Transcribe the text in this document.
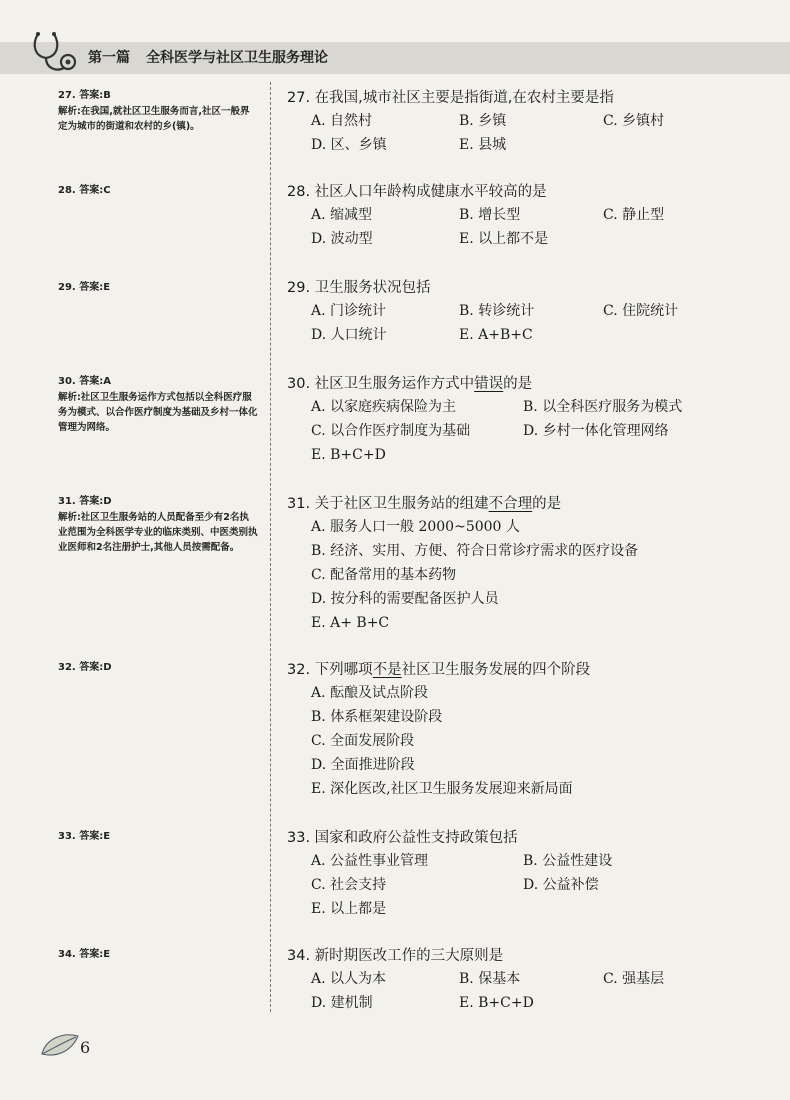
第一篇 全科医学与社区卫生服务理论
27. 答案:B
解析:在我国,就社区卫生服务而言,社区一般界定为城市的街道和农村的乡(镇)。
28. 答案:C
29. 答案:E
30. 答案:A
解析:社区卫生服务运作方式包括以全科医疗服务为模式、以合作医疗制度为基础及乡村一体化管理为网络。
31. 答案:D
解析:社区卫生服务站的人员配备至少有2名执业范围为全科医学专业的临床类别、中医类别执业医师和2名注册护士,其他人员按需配备。
32. 答案:D
33. 答案:E
34. 答案:E
27. 在我国,城市社区主要是指街道,在农村主要是指
A. 自然村	B. 乡镇	C. 乡镇村
D. 区、乡镇	E. 县城
28. 社区人口年龄构成健康水平较高的是
A. 缩减型	B. 增长型	C. 静止型
D. 波动型	E. 以上都不是
29. 卫生服务状况包括
A. 门诊统计	B. 转诊统计	C. 住院统计
D. 人口统计	E. A+B+C
30. 社区卫生服务运作方式中错误的是
A. 以家庭疾病保险为主	B. 以全科医疗服务为模式
C. 以合作医疗制度为基础	D. 乡村一体化管理网络
E. B+C+D
31. 关于社区卫生服务站的组建不合理的是
A. 服务人口一般 2000~5000 人
B. 经济、实用、方便、符合日常诊疗需求的医疗设备
C. 配备常用的基本药物
D. 按分科的需要配备医护人员
E. A+ B+C
32. 下列哪项不是社区卫生服务发展的四个阶段
A. 酝酿及试点阶段
B. 体系框架建设阶段
C. 全面发展阶段
D. 全面推进阶段
E. 深化医改,社区卫生服务发展迎来新局面
33. 国家和政府公益性支持政策包括
A. 公益性事业管理	B. 公益性建设
C. 社会支持	D. 公益补偿
E. 以上都是
34. 新时期医改工作的三大原则是
A. 以人为本	B. 保基本	C. 强基层
D. 建机制	E. B+C+D
6
